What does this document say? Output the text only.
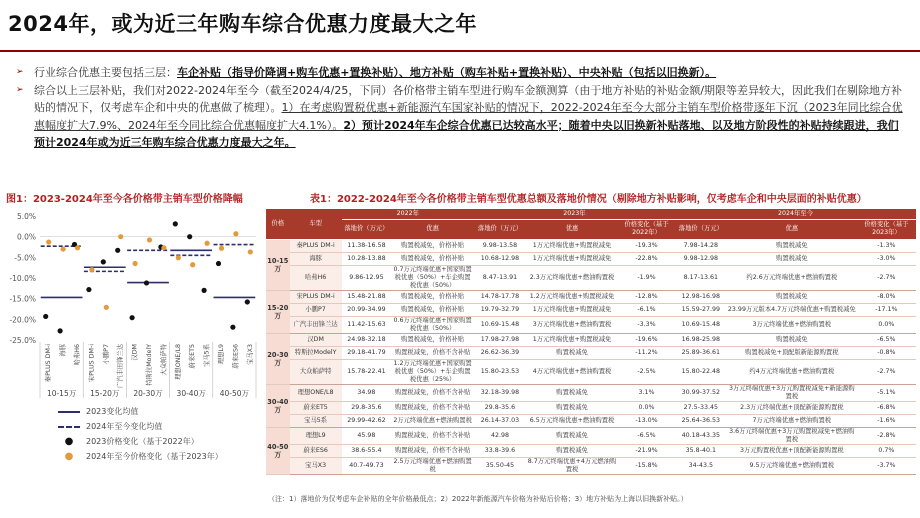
2024年，或为近三年购车综合优惠力度最大之年
➢ 行业综合优惠主要包括三层：车企补贴（指导价降调+购车优惠+置换补贴）、地方补贴（购车补贴+置换补贴）、中央补贴（包括以旧换新）。
➢ 综合以上三层补贴，我们对2022-2024年至今（截至2024/4/25，下同）各价格带主销车型进行购车金额测算（由于地方补贴的补贴金额/期限等差异较大，因此我们在剔除地方补贴的情况下，仅考虑车企和中央的优惠做了梳理）。1）在考虑购置税优惠+新能源汽车国家补贴的情况下，2022-2024年至今大部分主销车型价格带逐年下沉（2023年同比综合优惠幅度扩大7.9%、2024年至今同比综合优惠幅度扩大4.1%）。2）预计2024年车企综合优惠已达较高水平；随着中央以旧换新补贴落地、以及地方阶段性的补贴持续跟进，我们预计2024年或为近三年购车综合优惠力度最大之年。
图1：2023-2024年至今各价格带主销车型价格降幅	表1：2022-2024年至今各价格带主销车型优惠总额及落地价情况（剔除地方补贴影响，仅考虑车企和中央层面的补贴优惠）
5.0%
0.0%
-5.0%
-10.0%
-15.0%
-20.0%
-25.0%
秦PLUS DM-i	海豚	哈弗H6	宋PLUS DM-i	小鹏P7	广汽丰田锋兰达	汉DM	特斯拉ModelY	大众帕萨特	理想ONE/L8	蔚来ET5	宝马5系	理想L9	蔚来ES6	宝马X3
10-15万 15-20万 20-30万 30-40万 40-50万
2023变化均值
2024年至今变化均值
●	2023价格变化（基于2022年）
●	2024年至今价格变化（基于2023年）
价格	车型	2022年		2023年			2024年至今		
		落地价（万元）	优惠	落地价（万元）	优惠	价格变化（基于2022年）	落地价（万元）	优惠	价格变化（基于2023年）
10-15万	秦PLUS DM-i	11.38-16.58	购置税减免，价格补贴	9.98-13.58	1万元终端优惠+购置税减免	-19.3%	7.98-14.28	购置税减免	-1.3%
	海豚	10.28-13.88	购置税减免，价格补贴	10.68-12.98	1万元终端优惠+购置税减免	-22.8%	9.98-12.98	购置税减免	-3.0%
	哈弗H6	9.86-12.95	0.7万元终端优惠+国家购置税优惠（50%）+车企购置税优惠（50%）	8.47-13.91	2.3万元终端优惠+燃油购置税	-1.9%	8.17-13.61	约2.6万元终端优惠+燃油购置税	-2.7%
15-20万	宋PLUS DM-i	15.48-21.88	购置税减免，价格补贴	14.78-17.78	1.2万元终端优惠+购置税减免	-12.8%	12.98-16.98	购置税减免	-8.0%
	小鹏P7	20.99-34.99	购置税减免，价格补贴	19.79-32.79	1万元终端优惠+购置税减免	-6.1%	15.59-27.99	23.99万元版本4.7万元终端优惠+购置税减免	-17.1%
	广汽丰田锋兰达	11.42-15.63	0.6万元终端优惠+国家购置税优惠（50%）	10.69-15.48	3万元终端优惠+燃油购置税	-3.3%	10.69-15.48	3万元终端优惠+燃油购置税	0.0%
20-30万	汉DM	24.98-32.18	购置税减免，价格补贴	17.98-27.98	1万元终端优惠+购置税减免	-19.6%	16.98-25.98	购置税减免	-6.5%
	特斯拉ModelY	29.18-41.79	购置税减免，价格不含补贴	26.62-36.39	购置税减免	-11.2%	25.89-36.61	购置税减免+顶配版新能源购置税	-0.8%
	大众帕萨特	15.78-22.41	1.2万元终端优惠+国家购置税优惠（50%）+车企购置税优惠（25%）	15.80-23.53	4万元终端优惠+燃油购置税	-2.5%	15.80-22.48	约4万元终端优惠+燃油购置税	-2.7%
30-40万	理想ONE/L8	34.98	购置税减免，价格不含补贴	32.18-39.98	购置税减免	3.1%	30.99-37.52	3万元终端优惠+3万元购置税减免+新能源购置税	-5.1%
	蔚来ET5	29.8-35.6	购置税减免，价格不含补贴	29.8-35.6	购置税减免	0.0%	27.5-33.45	2.3万元终端优惠+顶配新能源购置税	-6.8%
	宝马5系	29.99-42.62	2万元终端优惠+燃油购置税	26.14-37.03	6.5万元终端优惠+燃油购置税	-13.0%	25.64-36.53	7万元终端优惠+燃油购置税	-1.6%
40-50万	理想L9	45.98	购置税减免，价格不含补贴	42.98	购置税减免	-6.5%	40.18-43.35	3.6万元终端优惠+3万元购置税减免+燃油购置税	-2.8%
	蔚来ES6	38.6-55.4	购置税减免，价格不含补贴	33.8-39.6	购置税减免	-21.9%	35.8-40.1	3万元购置税优惠+顶配新能源购置税	0.7%
	宝马X3	40.7-49.73	2.5万元终端优惠+燃油购置税	35.50-45	8.7万元终端优惠+4万元燃油购置税	-15.8%	34-43.5	9.5万元终端优惠+燃油购置税	-3.7%
（注：1）落地价为仅考虑车企补贴的全年价格最低点；2）2022年新能源汽车价格为补贴后价格；3）地方补贴为上海以旧换新补贴。）
